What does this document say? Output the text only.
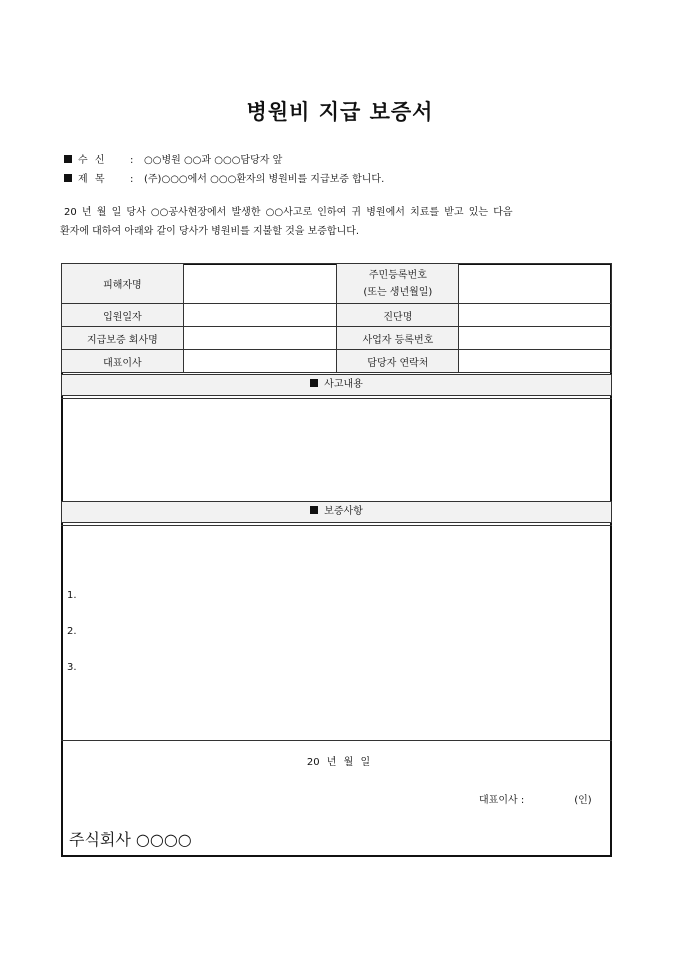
병원비 지급 보증서
수 신 : ○○병원 ○○과 ○○○담당자 앞
제 목 : (주)○○○에서 ○○○환자의 병원비를 지급보증 합니다.
20 년 월 일 당사 ○○공사현장에서 발생한 ○○사고로 인하여 귀 병원에서 치료를 받고 있는 다음
환자에 대하여 아래와 같이 당사가 병원비를 지불할 것을 보증합니다.
피해자명		주민등록번호
(또는 생년월일)	
입원일자		진단명	
지급보증 회사명		사업자 등록번호	
대표이사		담당자 연락처	
사고내용
보증사항
1.
2.
3.
20 년 월 일
대표이사 :	(인)
주식회사 ○○○○
